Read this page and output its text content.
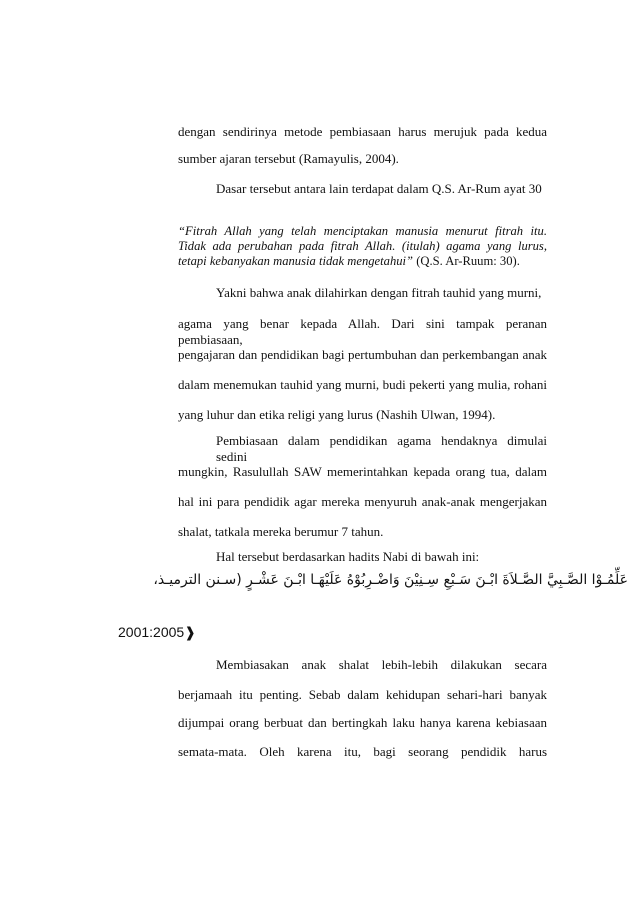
dengan sendirinya metode pembiasaan harus merujuk pada kedua
sumber ajaran tersebut (Ramayulis, 2004).
Dasar tersebut antara lain terdapat dalam Q.S. Ar-Rum ayat 30
“Fitrah Allah yang telah menciptakan manusia menurut fitrah itu.
Tidak ada perubahan pada fitrah Allah. (itulah) agama yang lurus,
tetapi kebanyakan manusia tidak mengetahui” (Q.S. Ar-Ruum: 30).
Yakni bahwa anak dilahirkan dengan fitrah tauhid yang murni,
agama yang benar kepada Allah. Dari sini tampak peranan pembiasaan,
pengajaran dan pendidikan bagi pertumbuhan dan perkembangan anak
dalam menemukan tauhid yang murni, budi pekerti yang mulia, rohani
yang luhur dan etika religi yang lurus (Nashih Ulwan, 1994).
Pembiasaan dalam pendidikan agama hendaknya dimulai sedini
mungkin, Rasulullah SAW memerintahkan kepada orang tua, dalam
hal ini para pendidik agar mereka menyuruh anak-anak mengerjakan
shalat, tatkala mereka berumur 7 tahun.
Hal tersebut berdasarkan hadits Nabi di bawah ini:
عَلِّمُـوْا الصَّـبِيَّ الصَّـلاَةَ ابْـنَ سَـبْعِ سِـنِيْنَ وَاضْـرِبُوْهُ عَلَيْهَـا ابْـنَ عَشْـرٍ (سـنن الترميـذ،
2001:2005❱
Membiasakan anak shalat lebih-lebih dilakukan secara
berjamaah itu penting. Sebab dalam kehidupan sehari-hari banyak
dijumpai orang berbuat dan bertingkah laku hanya karena kebiasaan
semata-mata. Oleh karena itu, bagi seorang pendidik harus
